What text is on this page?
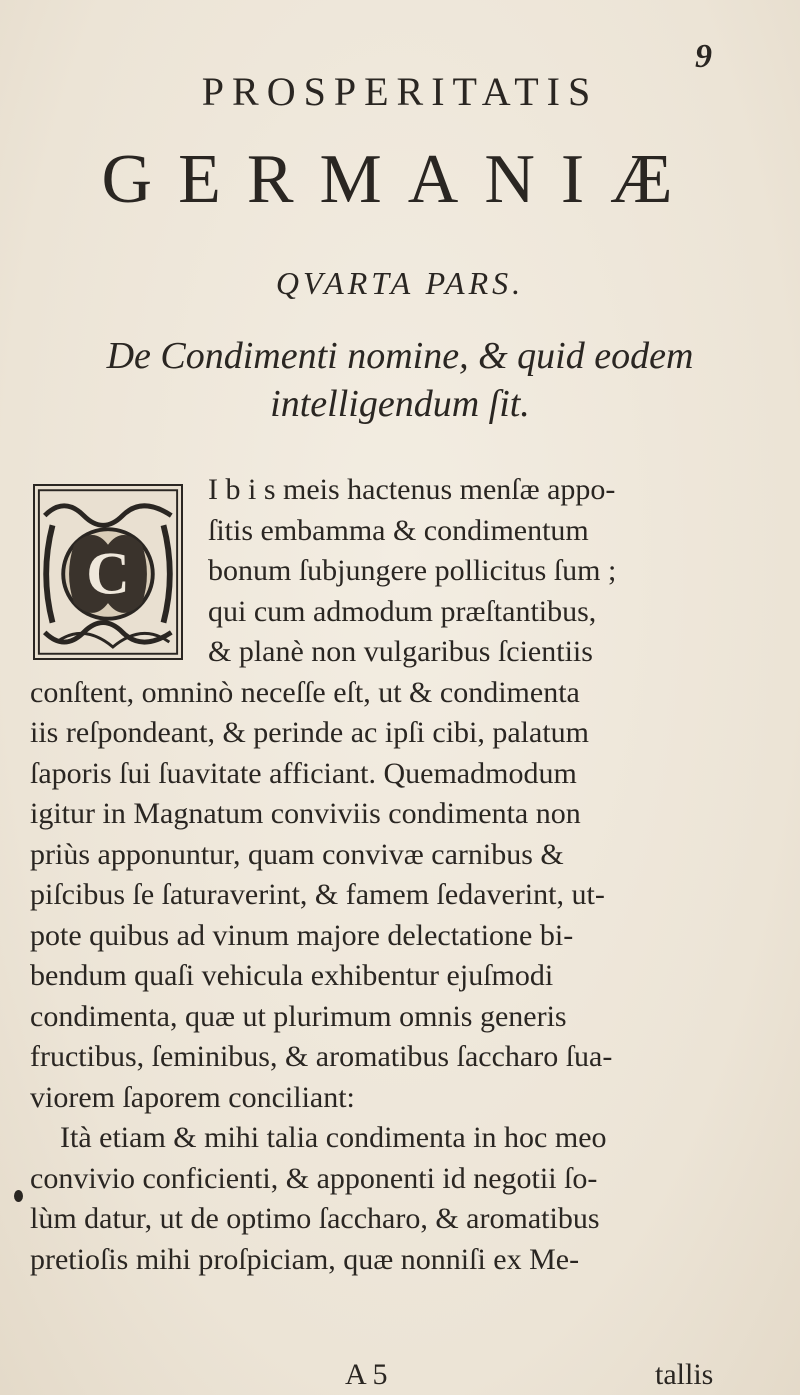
9
PROSPERITATIS
GERMANIÆ
QVARTA PARS.
De Condimenti nomine, & quid eodem
intelligendum ſit.
C
I b i s meis hactenus menſæ appo-
ſitis embamma & condimentum
bonum ſubjungere pollicitus ſum ;
qui cum admodum præſtantibus,
& planè non vulgaribus ſcientiis
conſtent, omninò neceſſe eſt, ut & condimenta
iis reſpondeant, & perinde ac ipſi cibi, palatum
ſaporis ſui ſuavitate afficiant. Quemadmodum
igitur in Magnatum conviviis condimenta non
priùs apponuntur, quam convivæ carnibus &
piſcibus ſe ſaturaverint, & famem ſedaverint, ut-
pote quibus ad vinum majore delectatione bi-
bendum quaſi vehicula exhibentur ejuſmodi
condimenta, quæ ut plurimum omnis generis
fructibus, ſeminibus, & aromatibus ſaccharo ſua-
viorem ſaporem conciliant:
Ità etiam & mihi talia condimenta in hoc meo
convivio conficienti, & apponenti id negotii ſo-
lùm datur, ut de optimo ſaccharo, & aromatibus
pretioſis mihi proſpiciam, quæ nonniſi ex Me-
A 5	tallis
